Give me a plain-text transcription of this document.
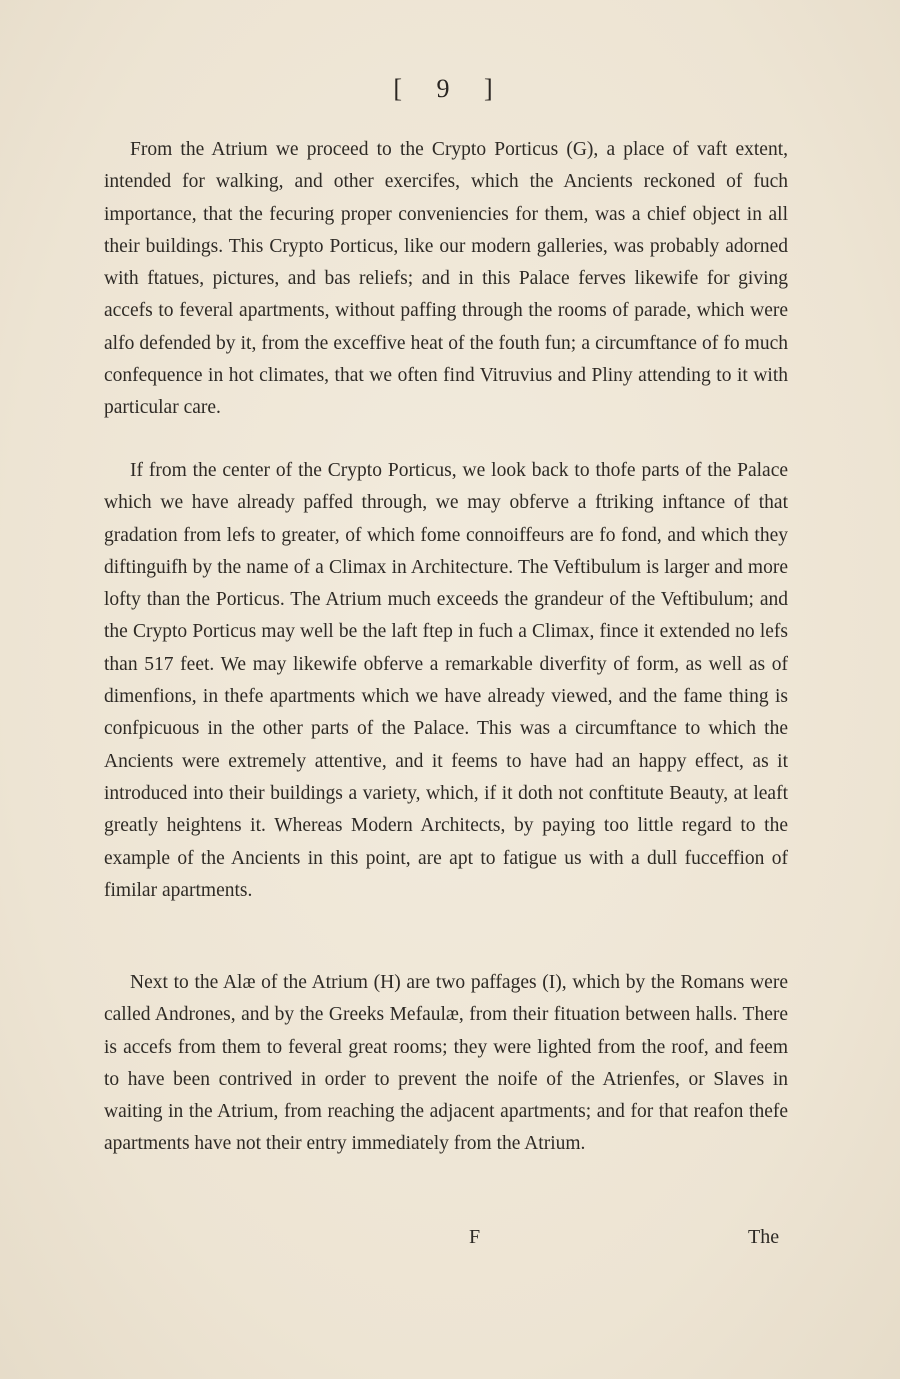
[ 9 ]

From the Atrium we proceed to the Crypto Porticus (G), a place of vaft extent, intended for walking, and other exercifes, which the Ancients reckoned of fuch importance, that the fecuring proper conveniencies for them, was a chief object in all their buildings. This Crypto Porticus, like our modern galleries, was probably adorned with ftatues, pictures, and bas reliefs; and in this Palace ferves likewife for giving accefs to feveral apartments, without paffing through the rooms of parade, which were alfo defended by it, from the exceffive heat of the fouth fun; a circumftance of fo much confequence in hot climates, that we often find Vitruvius and Pliny attending to it with particular care.

If from the center of the Crypto Porticus, we look back to thofe parts of the Palace which we have already paffed through, we may obferve a ftriking inftance of that gradation from lefs to greater, of which fome connoiffeurs are fo fond, and which they diftinguifh by the name of a Climax in Architecture. The Veftibulum is larger and more lofty than the Porticus. The Atrium much exceeds the grandeur of the Veftibulum; and the Crypto Porticus may well be the laft ftep in fuch a Climax, fince it extended no lefs than 517 feet. We may likewife obferve a remarkable diverfity of form, as well as of dimenfions, in thefe apartments which we have already viewed, and the fame thing is confpicuous in the other parts of the Palace. This was a circumftance to which the Ancients were extremely attentive, and it feems to have had an happy effect, as it introduced into their buildings a variety, which, if it doth not conftitute Beauty, at leaft greatly heightens it. Whereas Modern Architects, by paying too little regard to the example of the Ancients in this point, are apt to fatigue us with a dull fucceffion of fimilar apartments.

Next to the Alæ of the Atrium (H) are two paffages (I), which by the Romans were called Andrones, and by the Greeks Mefaulæ, from their fituation between halls. There is accefs from them to feveral great rooms; they were lighted from the roof, and feem to have been contrived in order to prevent the noife of the Atrienfes, or Slaves in waiting in the Atrium, from reaching the adjacent apartments; and for that reafon thefe apartments have not their entry immediately from the Atrium.

F	The
